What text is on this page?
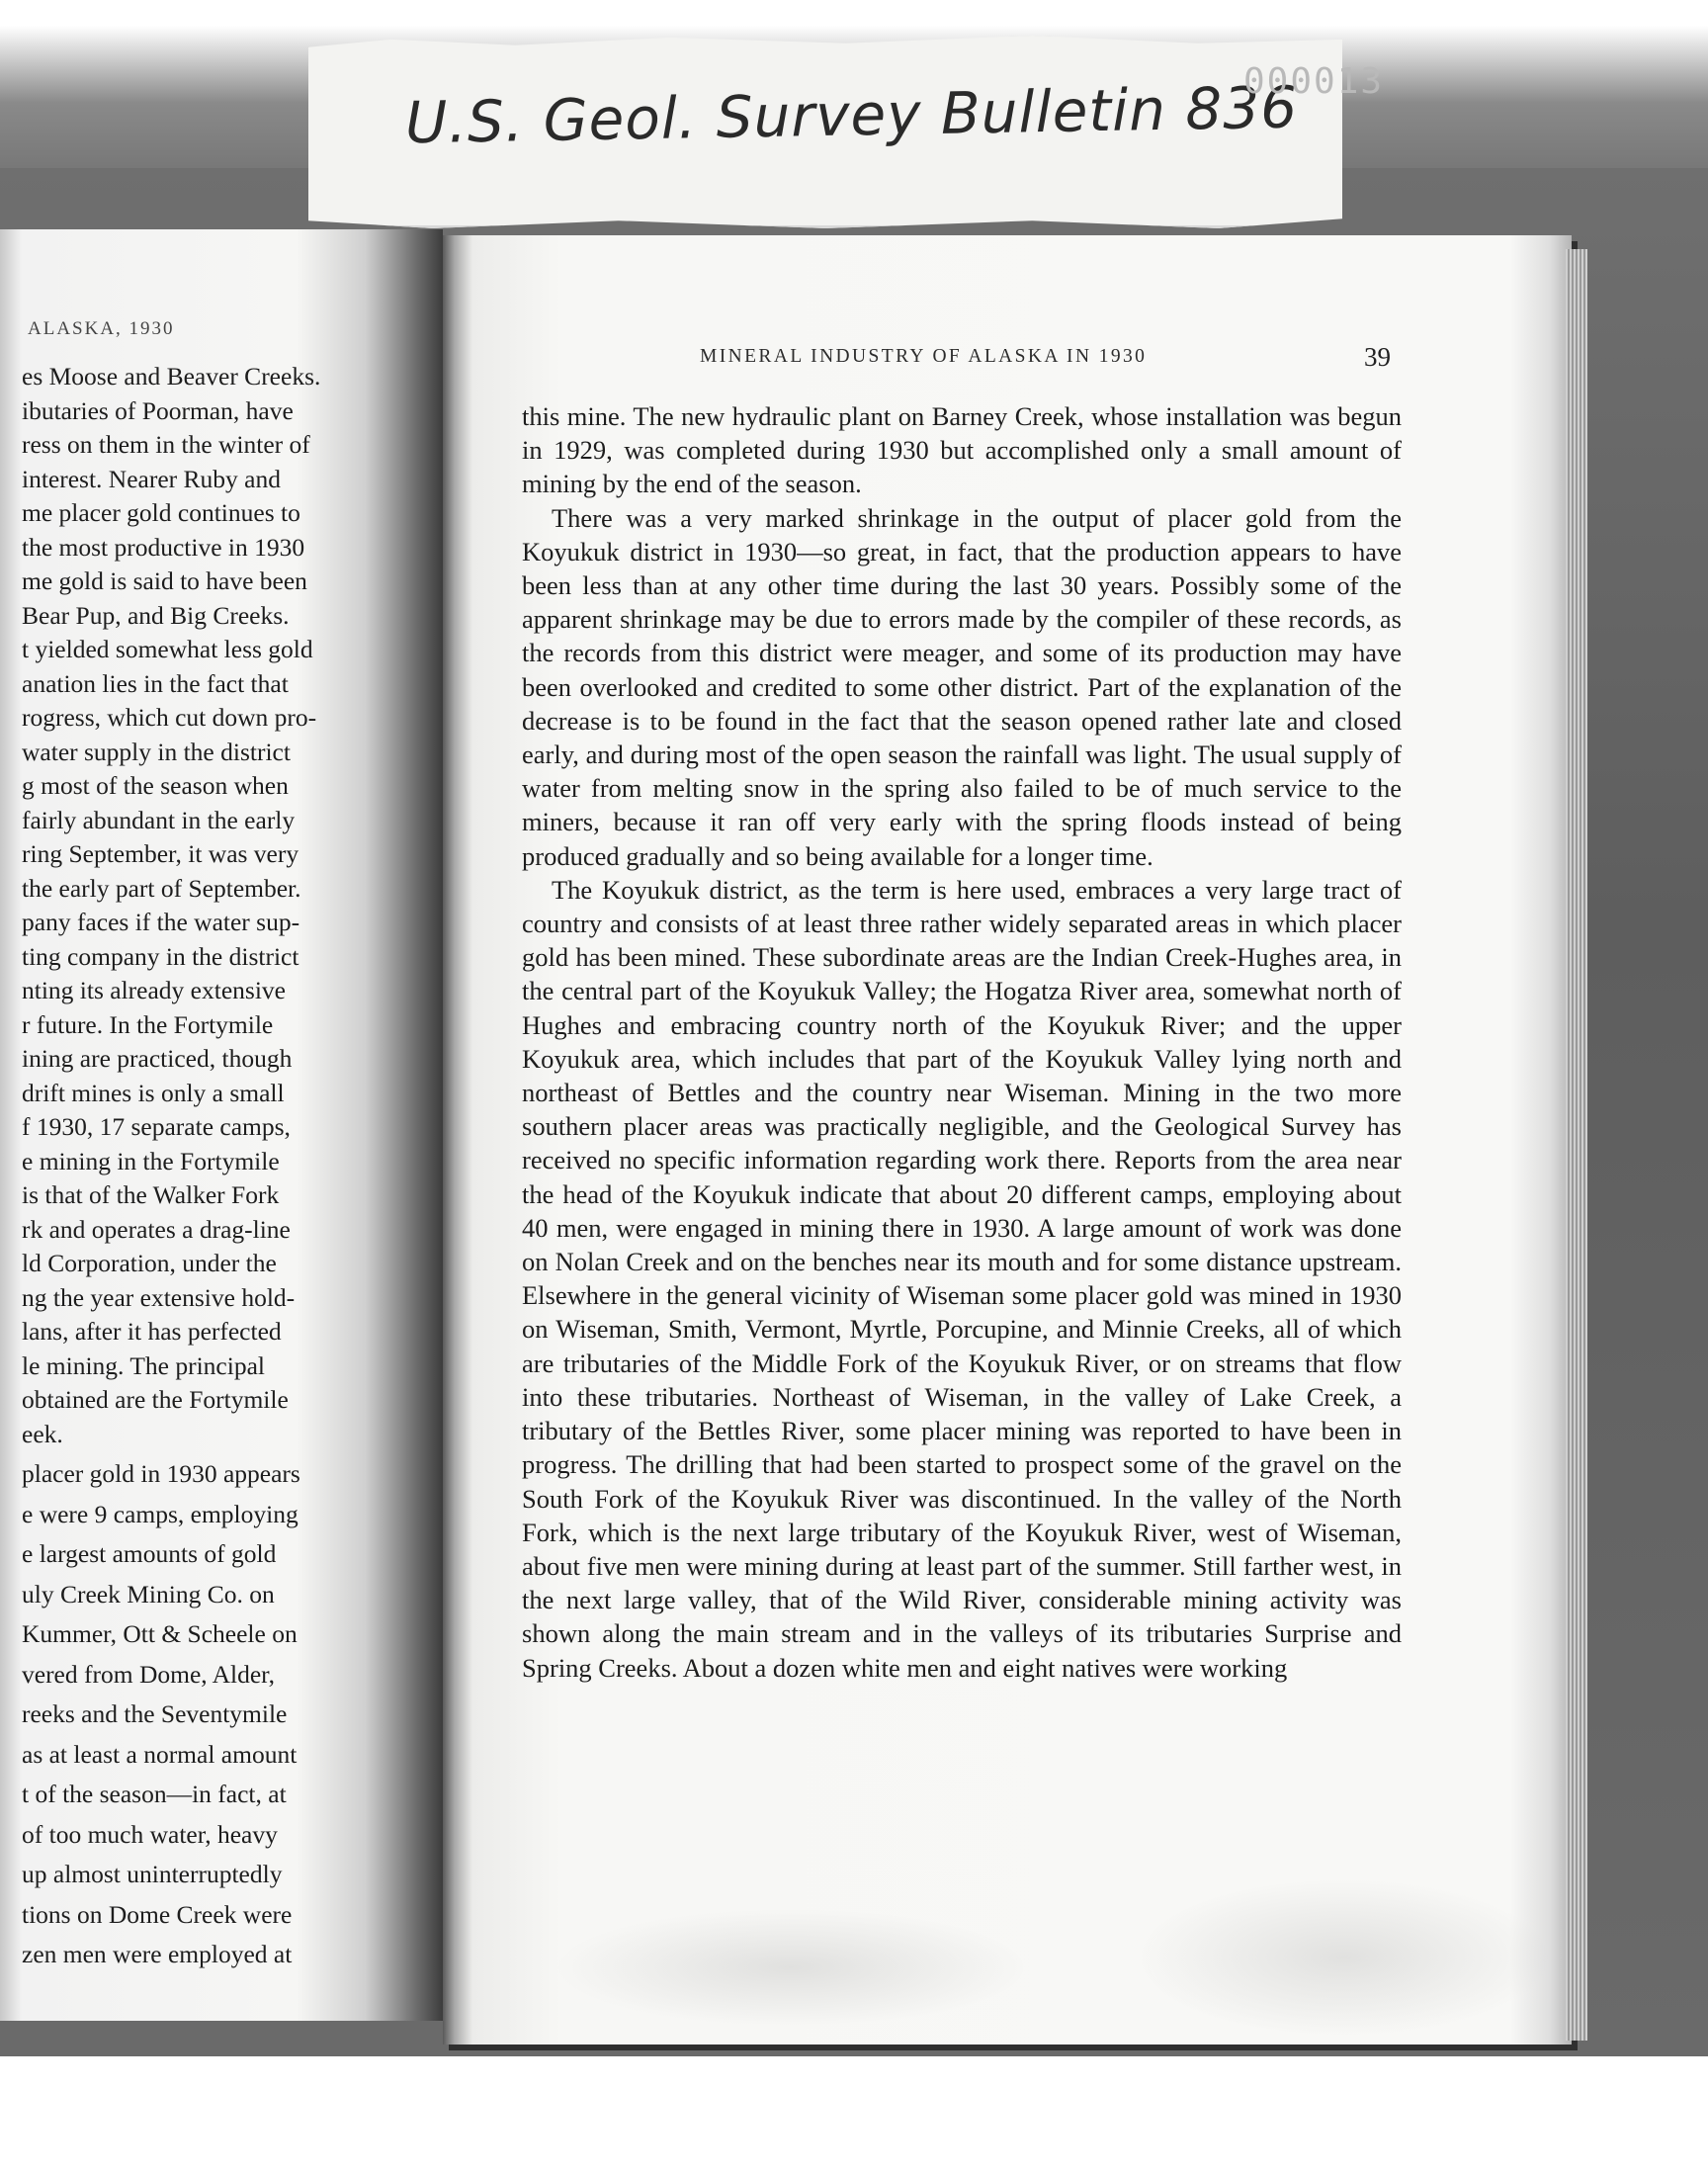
U.S. Geol. Survey Bulletin 836
000013
ALASKA, 1930
es Moose and Beaver Creeks.
ibutaries of Poorman, have
ress on them in the winter of
interest. Nearer Ruby and
me placer gold continues to
the most productive in 1930
me gold is said to have been
Bear Pup, and Big Creeks.
t yielded somewhat less gold
anation lies in the fact that
rogress, which cut down pro-
water supply in the district
g most of the season when
fairly abundant in the early
ring September, it was very
the early part of September.
pany faces if the water sup-
ting company in the district
nting its already extensive
r future. In the Fortymile
ining are practiced, though
drift mines is only a small
f 1930, 17 separate camps,
e mining in the Fortymile
is that of the Walker Fork
rk and operates a drag-line
ld Corporation, under the
ng the year extensive hold-
lans, after it has perfected
le mining. The principal
obtained are the Fortymile
eek.
placer gold in 1930 appears
e were 9 camps, employing
e largest amounts of gold
uly Creek Mining Co. on
Kummer, Ott & Scheele on
vered from Dome, Alder,
reeks and the Seventymile
as at least a normal amount
t of the season—in fact, at
of too much water, heavy
up almost uninterruptedly
tions on Dome Creek were
zen men were employed at
MINERAL INDUSTRY OF ALASKA IN 1930	39

this mine. The new hydraulic plant on Barney Creek, whose installation was begun in 1929, was completed during 1930 but accomplished only a small amount of mining by the end of the season.

There was a very marked shrinkage in the output of placer gold from the Koyukuk district in 1930—so great, in fact, that the production appears to have been less than at any other time during the last 30 years. Possibly some of the apparent shrinkage may be due to errors made by the compiler of these records, as the records from this district were meager, and some of its production may have been overlooked and credited to some other district. Part of the explanation of the decrease is to be found in the fact that the season opened rather late and closed early, and during most of the open season the rainfall was light. The usual supply of water from melting snow in the spring also failed to be of much service to the miners, because it ran off very early with the spring floods instead of being produced gradually and so being available for a longer time.

The Koyukuk district, as the term is here used, embraces a very large tract of country and consists of at least three rather widely separated areas in which placer gold has been mined. These subordinate areas are the Indian Creek-Hughes area, in the central part of the Koyukuk Valley; the Hogatza River area, somewhat north of Hughes and embracing country north of the Koyukuk River; and the upper Koyukuk area, which includes that part of the Koyukuk Valley lying north and northeast of Bettles and the country near Wiseman. Mining in the two more southern placer areas was practically negligible, and the Geological Survey has received no specific information regarding work there. Reports from the area near the head of the Koyukuk indicate that about 20 different camps, employing about 40 men, were engaged in mining there in 1930. A large amount of work was done on Nolan Creek and on the benches near its mouth and for some distance upstream. Elsewhere in the general vicinity of Wiseman some placer gold was mined in 1930 on Wiseman, Smith, Vermont, Myrtle, Porcupine, and Minnie Creeks, all of which are tributaries of the Middle Fork of the Koyukuk River, or on streams that flow into these tributaries. Northeast of Wiseman, in the valley of Lake Creek, a tributary of the Bettles River, some placer mining was reported to have been in progress. The drilling that had been started to prospect some of the gravel on the South Fork of the Koyukuk River was discontinued. In the valley of the North Fork, which is the next large tributary of the Koyukuk River, west of Wiseman, about five men were mining during at least part of the summer. Still farther west, in the next large valley, that of the Wild River, considerable mining activity was shown along the main stream and in the valleys of its tributaries Surprise and Spring Creeks. About a dozen white men and eight natives were working
